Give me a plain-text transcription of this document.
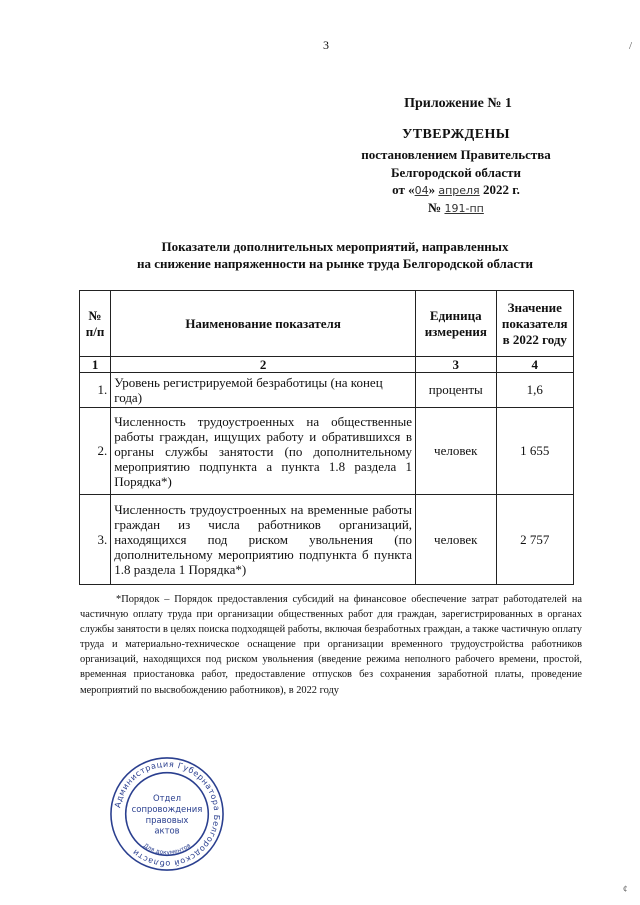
3	/
Приложение № 1
УТВЕРЖДЕНЫ
постановлением Правительства
Белгородской области
от «04» апреля 2022 г.
№ 191-пп
Показатели дополнительных мероприятий, направленных
на снижение напряженности на рынке труда Белгородской области
№ п/п	Наименование показателя	Единица измерения	Значение показателя в 2022 году
1	2	3	4
1.	Уровень регистрируемой безработицы (на конец года)	проценты	1,6
2.	Численность трудоустроенных на общественные работы граждан, ищущих работу и обратившихся в органы службы занятости (по дополнительному мероприятию подпункта а пункта 1.8 раздела 1 Порядка*)	человек	1 655
3.	Численность трудоустроенных на временные работы граждан из числа работников организаций, находящихся под риском увольнения (по дополнительному мероприятию подпункта б пункта 1.8 раздела 1 Порядка*)	человек	2 757
*Порядок – Порядок предоставления субсидий на финансовое обеспечение затрат работодателей на частичную оплату труда при организации общественных работ для граждан, зарегистрированных в органах службы занятости в целях поиска подходящей работы, включая безработных граждан, а также частичную оплату труда и материально-техническое оснащение при организации временного трудоустройства работников организаций, находящихся под риском увольнения (введение режима неполного рабочего времени, простой, временная приостановка работ, предоставление отпусков без сохранения заработной платы, проведение мероприятий по высвобождению работников), в 2022 году
Администрация Губернатора Белгородской области
Для документов
Отдел
сопровождения
правовых
актов
¢
